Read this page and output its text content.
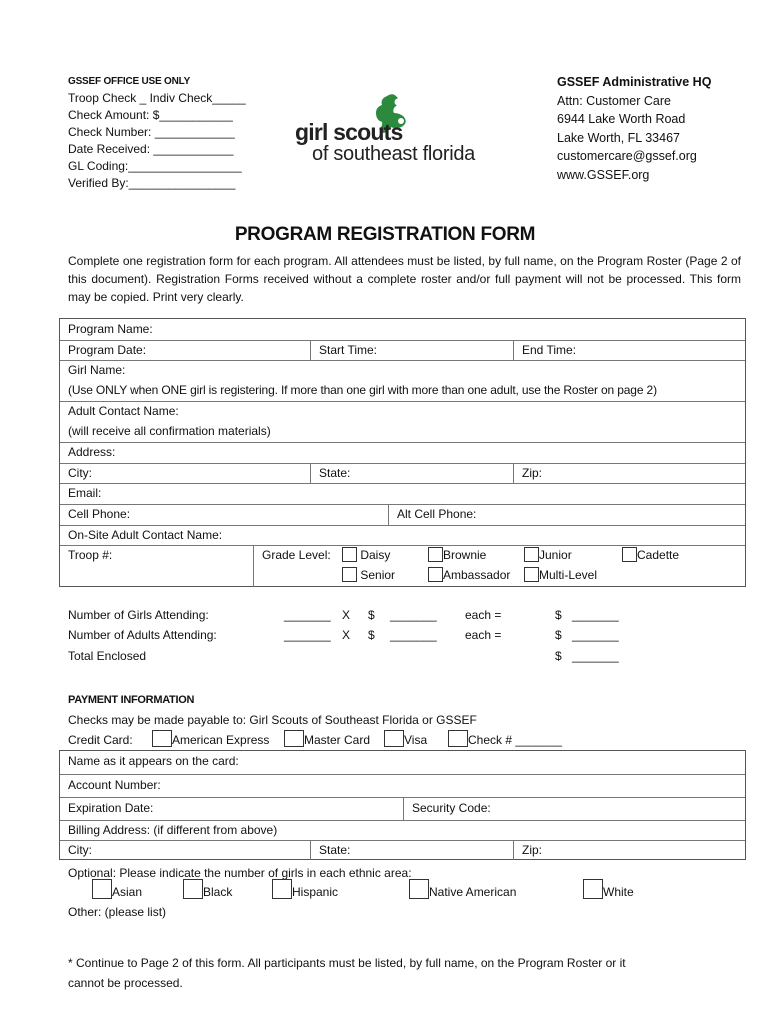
GSSEF OFFICE USE ONLY
Troop Check _ Indiv Check_____
Check Amount: $___________
Check Number: ____________
Date Received: ____________
GL Coding:_________________
Verified By:________________
girl scouts
of southeast florida
GSSEF Administrative HQ
Attn: Customer Care
6944 Lake Worth Road
Lake Worth, FL 33467
customercare@gssef.org
www.GSSEF.org
PROGRAM REGISTRATION FORM
Complete one registration form for each program. All attendees must be listed, by full name, on the Program Roster (Page 2 of this document). Registration Forms received without a complete roster and/or full payment will not be processed. This form may be copied. Print very clearly.
Program Name:
Program Date:	Start Time:	End Time:
Girl Name:
(Use ONLY when ONE girl is registering. If more than one girl with more than one adult, use the Roster on page 2)
Adult Contact Name:
(will receive all confirmation materials)
Address:
City:	State:	Zip:
Email:
Cell Phone:	Alt Cell Phone:
On-Site Adult Contact Name:
Troop #:	Grade Level:	Daisy	Brownie	Junior	Cadette
Senior	Ambassador	Multi-Level
Number of Girls Attending:	_______ X $ _______ each =	$ _______
Number of Adults Attending:	_______ X $ _______ each =	$ _______
Total Enclosed	$ _______
PAYMENT INFORMATION
Checks may be made payable to: Girl Scouts of Southeast Florida or GSSEF
Credit Card:	American Express	Master Card	Visa	Check # _______
Name as it appears on the card:
Account Number:
Expiration Date:	Security Code:
Billing Address: (if different from above)
City:	State:	Zip:
Optional: Please indicate the number of girls in each ethnic area:
Asian	Black	Hispanic	Native American	White
Other: (please list)
* Continue to Page 2 of this form. All participants must be listed, by full name, on the Program Roster or it
cannot be processed.
